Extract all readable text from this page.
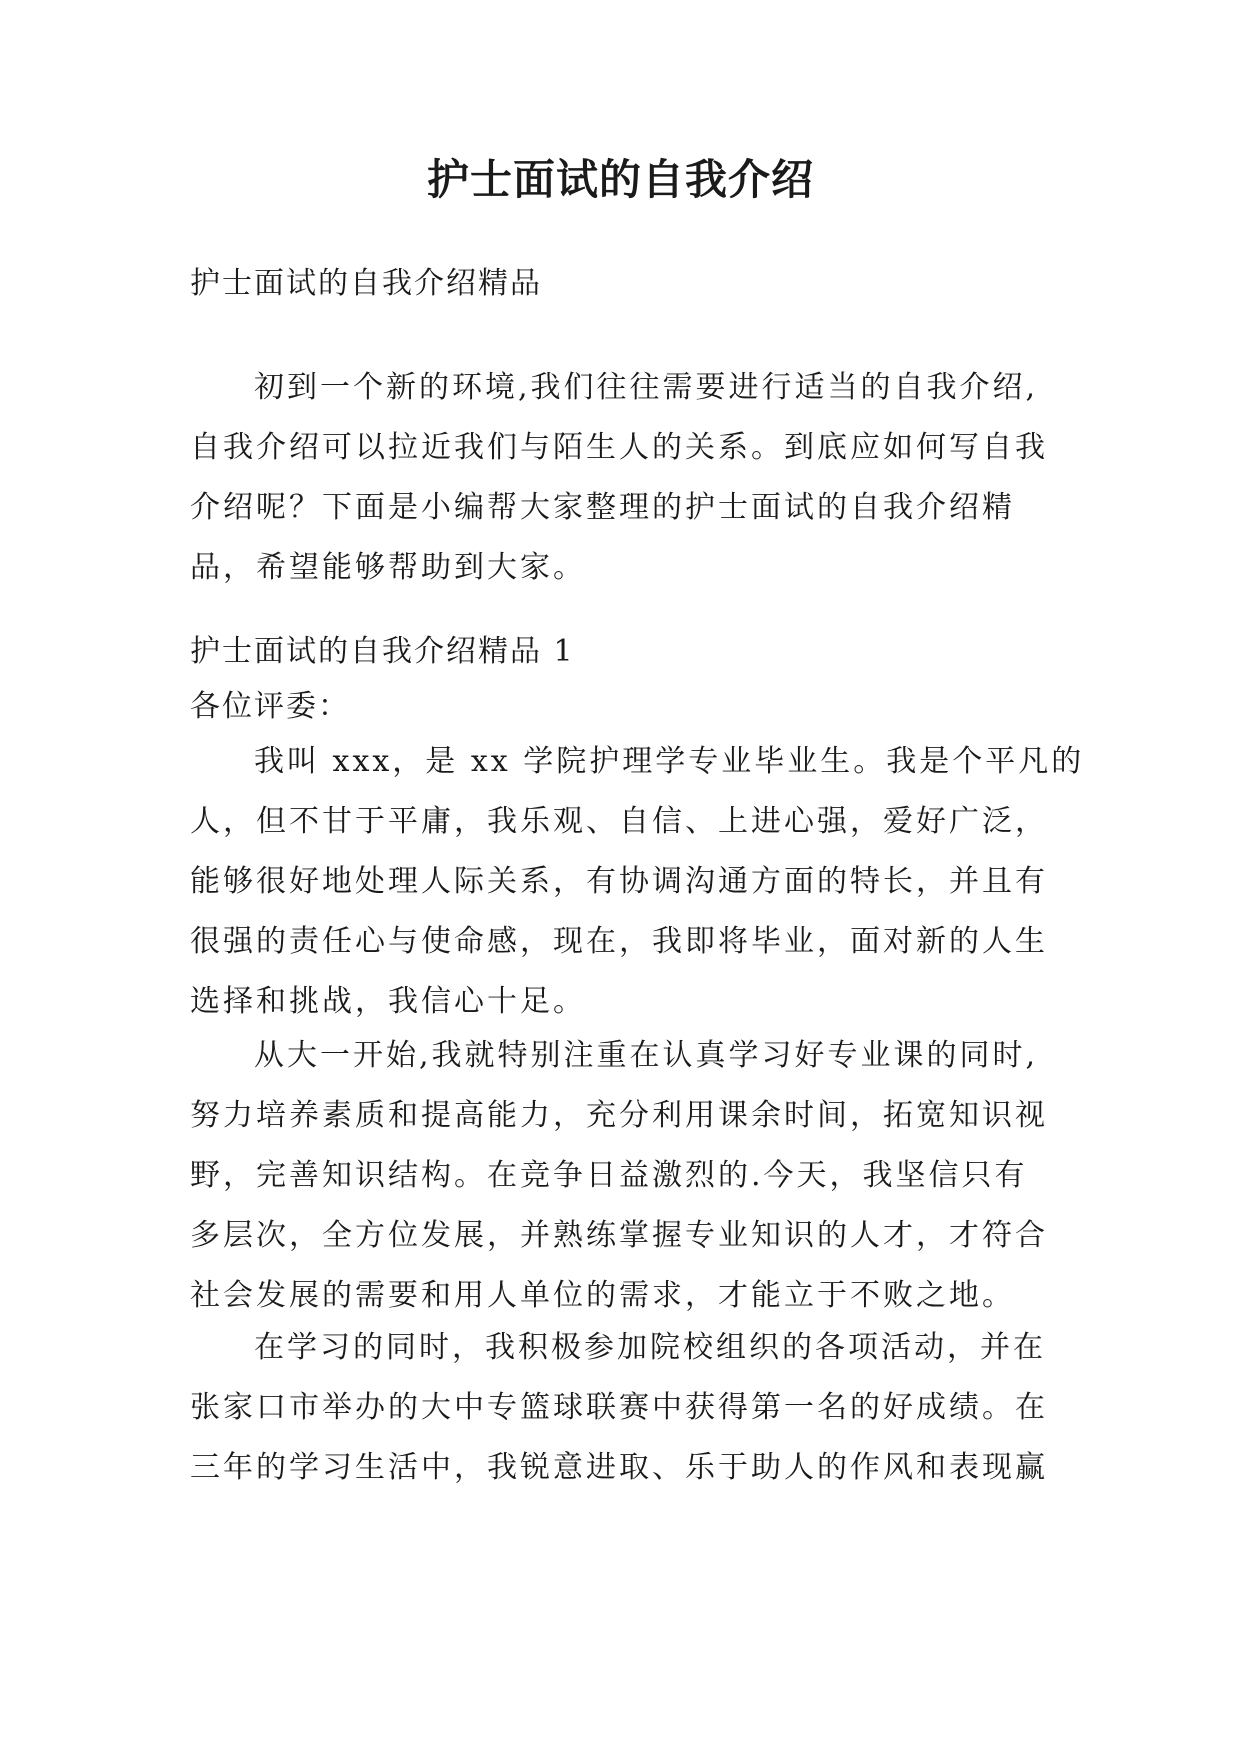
护士面试的自我介绍

护士面试的自我介绍精品

初到一个新的环境,我们往往需要进行适当的自我介绍,
自我介绍可以拉近我们与陌生人的关系。到底应如何写自我
介绍呢？下面是小编帮大家整理的护士面试的自我介绍精
品，希望能够帮助到大家。

护士面试的自我介绍精品 1

各位评委：

我叫 xxx，是 xx 学院护理学专业毕业生。我是个平凡的
人，但不甘于平庸，我乐观、自信、上进心强，爱好广泛，
能够很好地处理人际关系，有协调沟通方面的特长，并且有
很强的责任心与使命感，现在，我即将毕业，面对新的人生
选择和挑战，我信心十足。
从大一开始,我就特别注重在认真学习好专业课的同时,
努力培养素质和提高能力，充分利用课余时间，拓宽知识视
野，完善知识结构。在竞争日益激烈的.今天，我坚信只有
多层次，全方位发展，并熟练掌握专业知识的人才，才符合
社会发展的需要和用人单位的需求，才能立于不败之地。
在学习的同时，我积极参加院校组织的各项活动，并在
张家口市举办的大中专篮球联赛中获得第一名的好成绩。在
三年的学习生活中，我锐意进取、乐于助人的作风和表现赢
